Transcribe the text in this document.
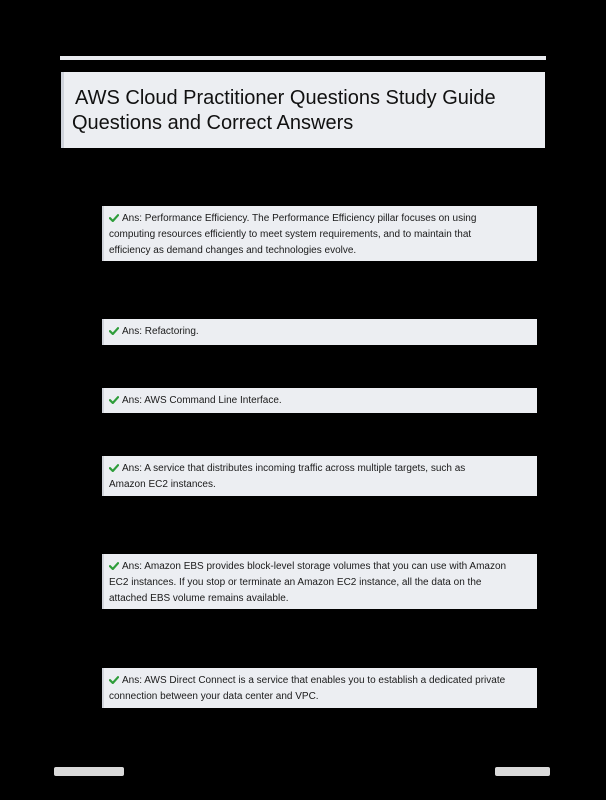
AWS Cloud Practitioner Questions Study Guide
Questions and Correct Answers
Ans: Performance Efficiency. The Performance Efficiency pillar focuses on using
computing resources efficiently to meet system requirements, and to maintain that
efficiency as demand changes and technologies evolve.
Ans: Refactoring.
Ans: AWS Command Line Interface.
Ans: A service that distributes incoming traffic across multiple targets, such as
Amazon EC2 instances.
Ans: Amazon EBS provides block-level storage volumes that you can use with Amazon
EC2 instances. If you stop or terminate an Amazon EC2 instance, all the data on the
attached EBS volume remains available.
Ans: AWS Direct Connect is a service that enables you to establish a dedicated private
connection between your data center and VPC.
